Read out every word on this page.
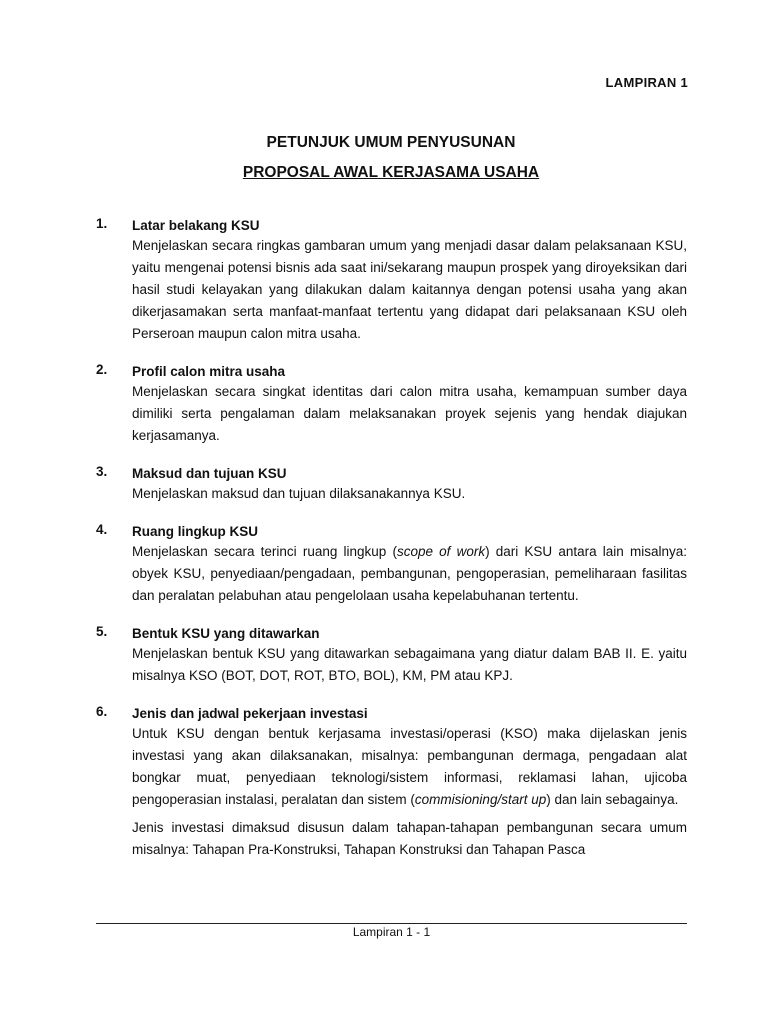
LAMPIRAN 1
PETUNJUK UMUM PENYUSUNAN
PROPOSAL AWAL KERJASAMA USAHA
1. Latar belakang KSU

Menjelaskan secara ringkas gambaran umum yang menjadi dasar dalam pelaksanaan KSU, yaitu mengenai potensi bisnis ada saat ini/sekarang maupun prospek yang diroyeksikan dari hasil studi kelayakan yang dilakukan dalam kaitannya dengan potensi usaha yang akan dikerjasamakan serta manfaat-manfaat tertentu yang didapat dari pelaksanaan KSU oleh Perseroan maupun calon mitra usaha.

2. Profil calon mitra usaha

Menjelaskan secara singkat identitas dari calon mitra usaha, kemampuan sumber daya dimiliki serta pengalaman dalam melaksanakan proyek sejenis yang hendak diajukan kerjasamanya.

3. Maksud dan tujuan KSU

Menjelaskan maksud dan tujuan dilaksanakannya KSU.

4. Ruang lingkup KSU

Menjelaskan secara terinci ruang lingkup (scope of work) dari KSU antara lain misalnya: obyek KSU, penyediaan/pengadaan, pembangunan, pengoperasian, pemeliharaan fasilitas dan peralatan pelabuhan atau pengelolaan usaha kepelabuhanan tertentu.

5. Bentuk KSU yang ditawarkan

Menjelaskan bentuk KSU yang ditawarkan sebagaimana yang diatur dalam BAB II. E. yaitu misalnya KSO (BOT, DOT, ROT, BTO, BOL), KM, PM atau KPJ.

6. Jenis dan jadwal pekerjaan investasi

Untuk KSU dengan bentuk kerjasama investasi/operasi (KSO) maka dijelaskan jenis investasi yang akan dilaksanakan, misalnya: pembangunan dermaga, pengadaan alat bongkar muat, penyediaan teknologi/sistem informasi, reklamasi lahan, ujicoba pengoperasian instalasi, peralatan dan sistem (commisioning/start up) dan lain sebagainya.

Jenis investasi dimaksud disusun dalam tahapan-tahapan pembangunan secara umum misalnya: Tahapan Pra-Konstruksi, Tahapan Konstruksi dan Tahapan Pasca

Lampiran 1 - 1
